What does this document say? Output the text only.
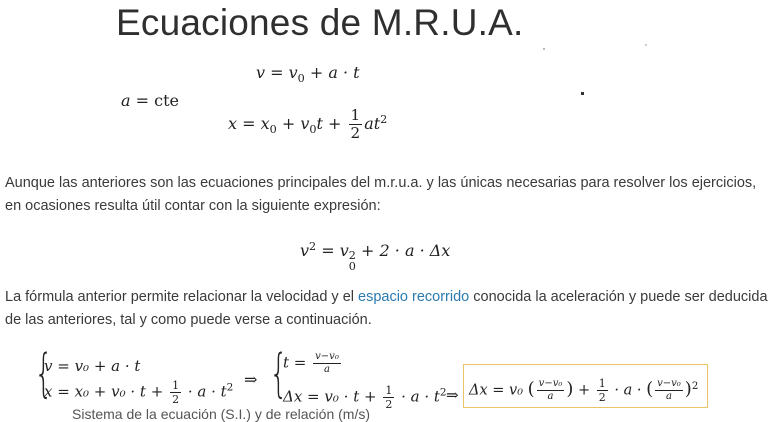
Ecuaciones de M.R.U.A.
a = cte
$v = v_0 + a \cdot t$
$x = x_0 + v_0t + \frac{1}{2} at^2$
Aunque las anteriores son las ecuaciones principales del m.r.u.a. y las únicas necesarias para resolver los ejercicios, en ocasiones resulta útil contar con la siguiente expresión:
$v^2 = v$ 2
0
+ 2 · a · Δx
La fórmula anterior permite relacionar la velocidad y el espacio recorrido conocida la aceleración y puede ser deducida de las anteriores, tal y como puede verse a continuación.
{
v = v₀ + a · t
$x = x_0 + v_0 \cdot t + \frac{1}{2} \cdot a \cdot t^2$ ⇒ {
$t = \frac{\text{v−v₀}}{a}$
$\Delta x = v_0 \cdot t + \frac{1}{2} \cdot a \cdot t^2$ ⇒ Δx = v₀ ( $\frac{\text{v−v₀}}{a}$ ) + $\frac{1}{2} \cdot a$ · ( $\frac{\text{v−v₀}}{a} )^2$
Sistema de la ecuación (S.I.) y de relación (m/s)
